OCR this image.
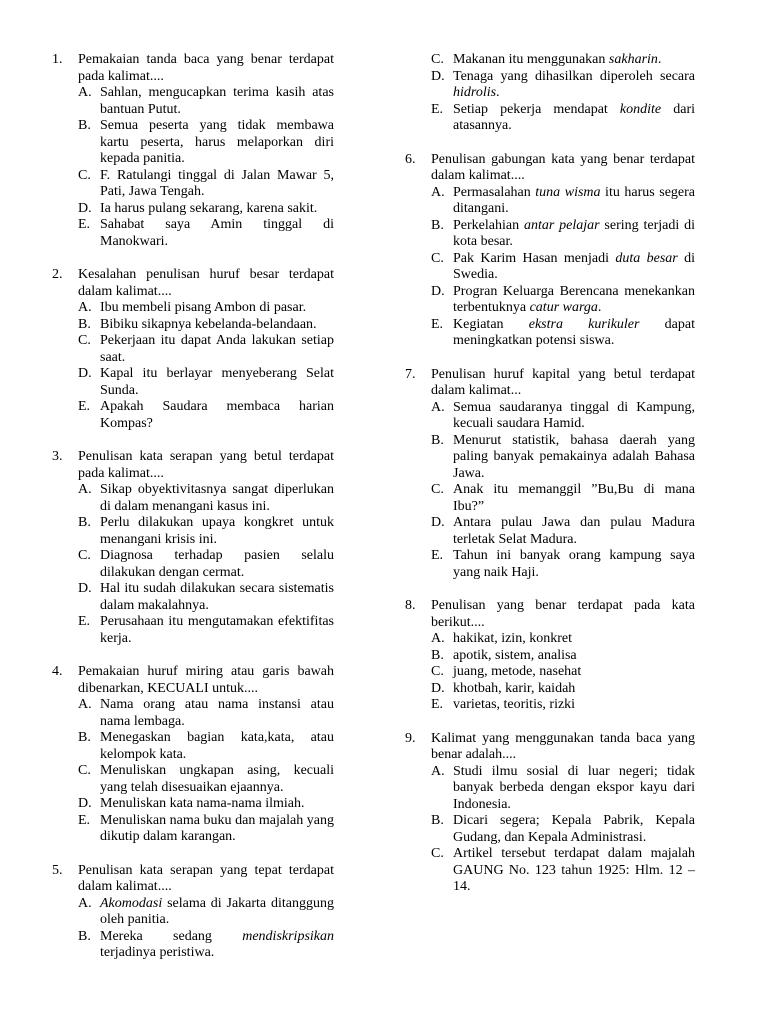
1.	Pemakaian tanda baca yang benar terdapat pada kalimat....
A. Sahlan, mengucapkan terima kasih atas bantuan Putut.
B. Semua peserta yang tidak membawa kartu peserta, harus melaporkan diri kepada panitia.
C. F. Ratulangi tinggal di Jalan Mawar 5, Pati, Jawa Tengah.
D. Ia harus pulang sekarang, karena sakit.
E. Sahabat saya Amin tinggal di Manokwari.
2.	Kesalahan penulisan huruf besar terdapat dalam kalimat....
A. Ibu membeli pisang Ambon di pasar.
B. Bibiku sikapnya kebelanda-belandaan.
C. Pekerjaan itu dapat Anda lakukan setiap saat.
D. Kapal itu berlayar menyeberang Selat Sunda.
E. Apakah Saudara membaca harian Kompas?
3.	Penulisan kata serapan yang betul terdapat pada kalimat....
A. Sikap obyektivitasnya sangat diperlukan di dalam menangani kasus ini.
B. Perlu dilakukan upaya kongkret untuk menangani krisis ini.
C. Diagnosa terhadap pasien selalu dilakukan dengan cermat.
D. Hal itu sudah dilakukan secara sistematis dalam makalahnya.
E. Perusahaan itu mengutamakan efektifitas kerja.
4.	Pemakaian huruf miring atau garis bawah dibenarkan, KECUALI untuk....
A. Nama orang atau nama instansi atau nama lembaga.
B. Menegaskan bagian kata,kata, atau kelompok kata.
C. Menuliskan ungkapan asing, kecuali yang telah disesuaikan ejaannya.
D. Menuliskan kata nama-nama ilmiah.
E. Menuliskan nama buku dan majalah yang dikutip dalam karangan.
5.	Penulisan kata serapan yang tepat terdapat dalam kalimat....
A. Akomodasi selama di Jakarta ditanggung oleh panitia.
B. Mereka sedang mendiskripsikan terjadinya peristiwa.
C. Makanan itu menggunakan sakharin.
D. Tenaga yang dihasilkan diperoleh secara hidrolis.
E. Setiap pekerja mendapat kondite dari atasannya.
6.	Penulisan gabungan kata yang benar terdapat dalam kalimat....
A. Permasalahan tuna wisma itu harus segera ditangani.
B. Perkelahian antar pelajar sering terjadi di kota besar.
C. Pak Karim Hasan menjadi duta besar di Swedia.
D. Progran Keluarga Berencana menekankan terbentuknya catur warga.
E. Kegiatan ekstra kurikuler dapat meningkatkan potensi siswa.
7.	Penulisan huruf kapital yang betul terdapat dalam kalimat...
A. Semua saudaranya tinggal di Kampung, kecuali saudara Hamid.
B. Menurut statistik, bahasa daerah yang paling banyak pemakainya adalah Bahasa Jawa.
C. Anak itu memanggil ”Bu,Bu di mana Ibu?”
D. Antara pulau Jawa dan pulau Madura terletak Selat Madura.
E. Tahun ini banyak orang kampung saya yang naik Haji.
8.	Penulisan yang benar terdapat pada kata berikut....
A. hakikat, izin, konkret
B. apotik, sistem, analisa
C. juang, metode, nasehat
D. khotbah, karir, kaidah
E. varietas, teoritis, rizki
9.	Kalimat yang menggunakan tanda baca yang benar adalah....
A. Studi ilmu sosial di luar negeri; tidak banyak berbeda dengan ekspor kayu dari Indonesia.
B. Dicari segera; Kepala Pabrik, Kepala Gudang, dan Kepala Administrasi.
C. Artikel tersebut terdapat dalam majalah GAUNG No. 123 tahun 1925: Hlm. 12 – 14.
